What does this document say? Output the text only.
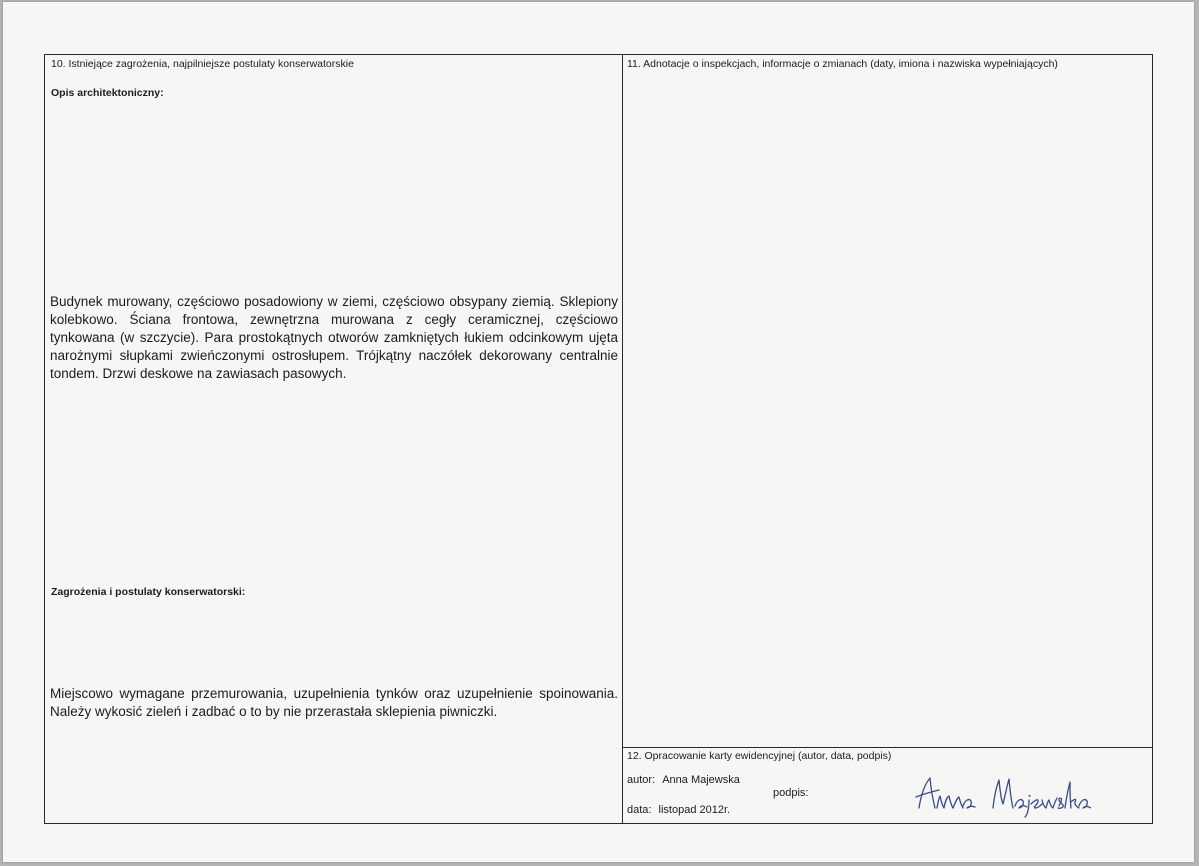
10. Istniejące zagrożenia, najpilniejsze postulaty konserwatorskie
Opis architektoniczny:
Budynek murowany, częściowo posadowiony w ziemi, częściowo obsypany ziemią. Sklepiony kolebkowo. Ściana frontowa, zewnętrzna murowana z cegły ceramicznej, częściowo tynkowana (w szczycie). Para prostokątnych otworów zamkniętych łukiem odcinkowym ujęta narożnymi słupkami zwieńczonymi ostrosłupem. Trójkątny naczółek dekorowany centralnie tondem. Drzwi deskowe na zawiasach pasowych.
Zagrożenia i postulaty konserwatorski:
Miejscowo wymagane przemurowania, uzupełnienia tynków oraz uzupełnienie spoinowania. Należy wykosić zieleń i zadbać o to by nie przerastała sklepienia piwniczki.
11. Adnotacje o inspekcjach, informacje o zmianach (daty, imiona i nazwiska wypełniających)
12. Opracowanie karty ewidencyjnej (autor, data, podpis)
autor: Anna Majewska
podpis:
data: listopad 2012r.
